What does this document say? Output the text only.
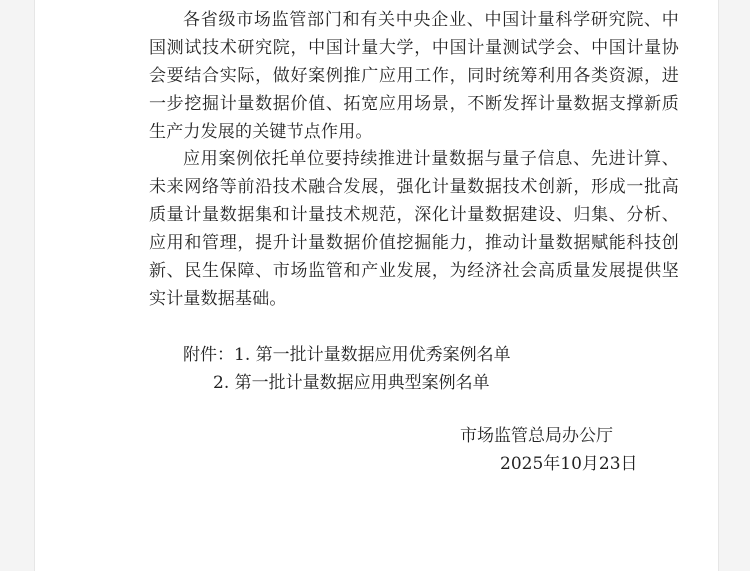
各省级市场监管部门和有关中央企业、中国计量科学研究院、中国测试技术研究院，中国计量大学，中国计量测试学会、中国计量协会要结合实际，做好案例推广应用工作，同时统筹利用各类资源，进一步挖掘计量数据价值、拓宽应用场景，不断发挥计量数据支撑新质生产力发展的关键节点作用。

应用案例依托单位要持续推进计量数据与量子信息、先进计算、未来网络等前沿技术融合发展，强化计量数据技术创新，形成一批高质量计量数据集和计量技术规范，深化计量数据建设、归集、分析、应用和管理，提升计量数据价值挖掘能力，推动计量数据赋能科技创新、民生保障、市场监管和产业发展，为经济社会高质量发展提供坚实计量数据基础。

附件：1. 第一批计量数据应用优秀案例名单

2. 第一批计量数据应用典型案例名单

市场监管总局办公厅

2025年10月23日
